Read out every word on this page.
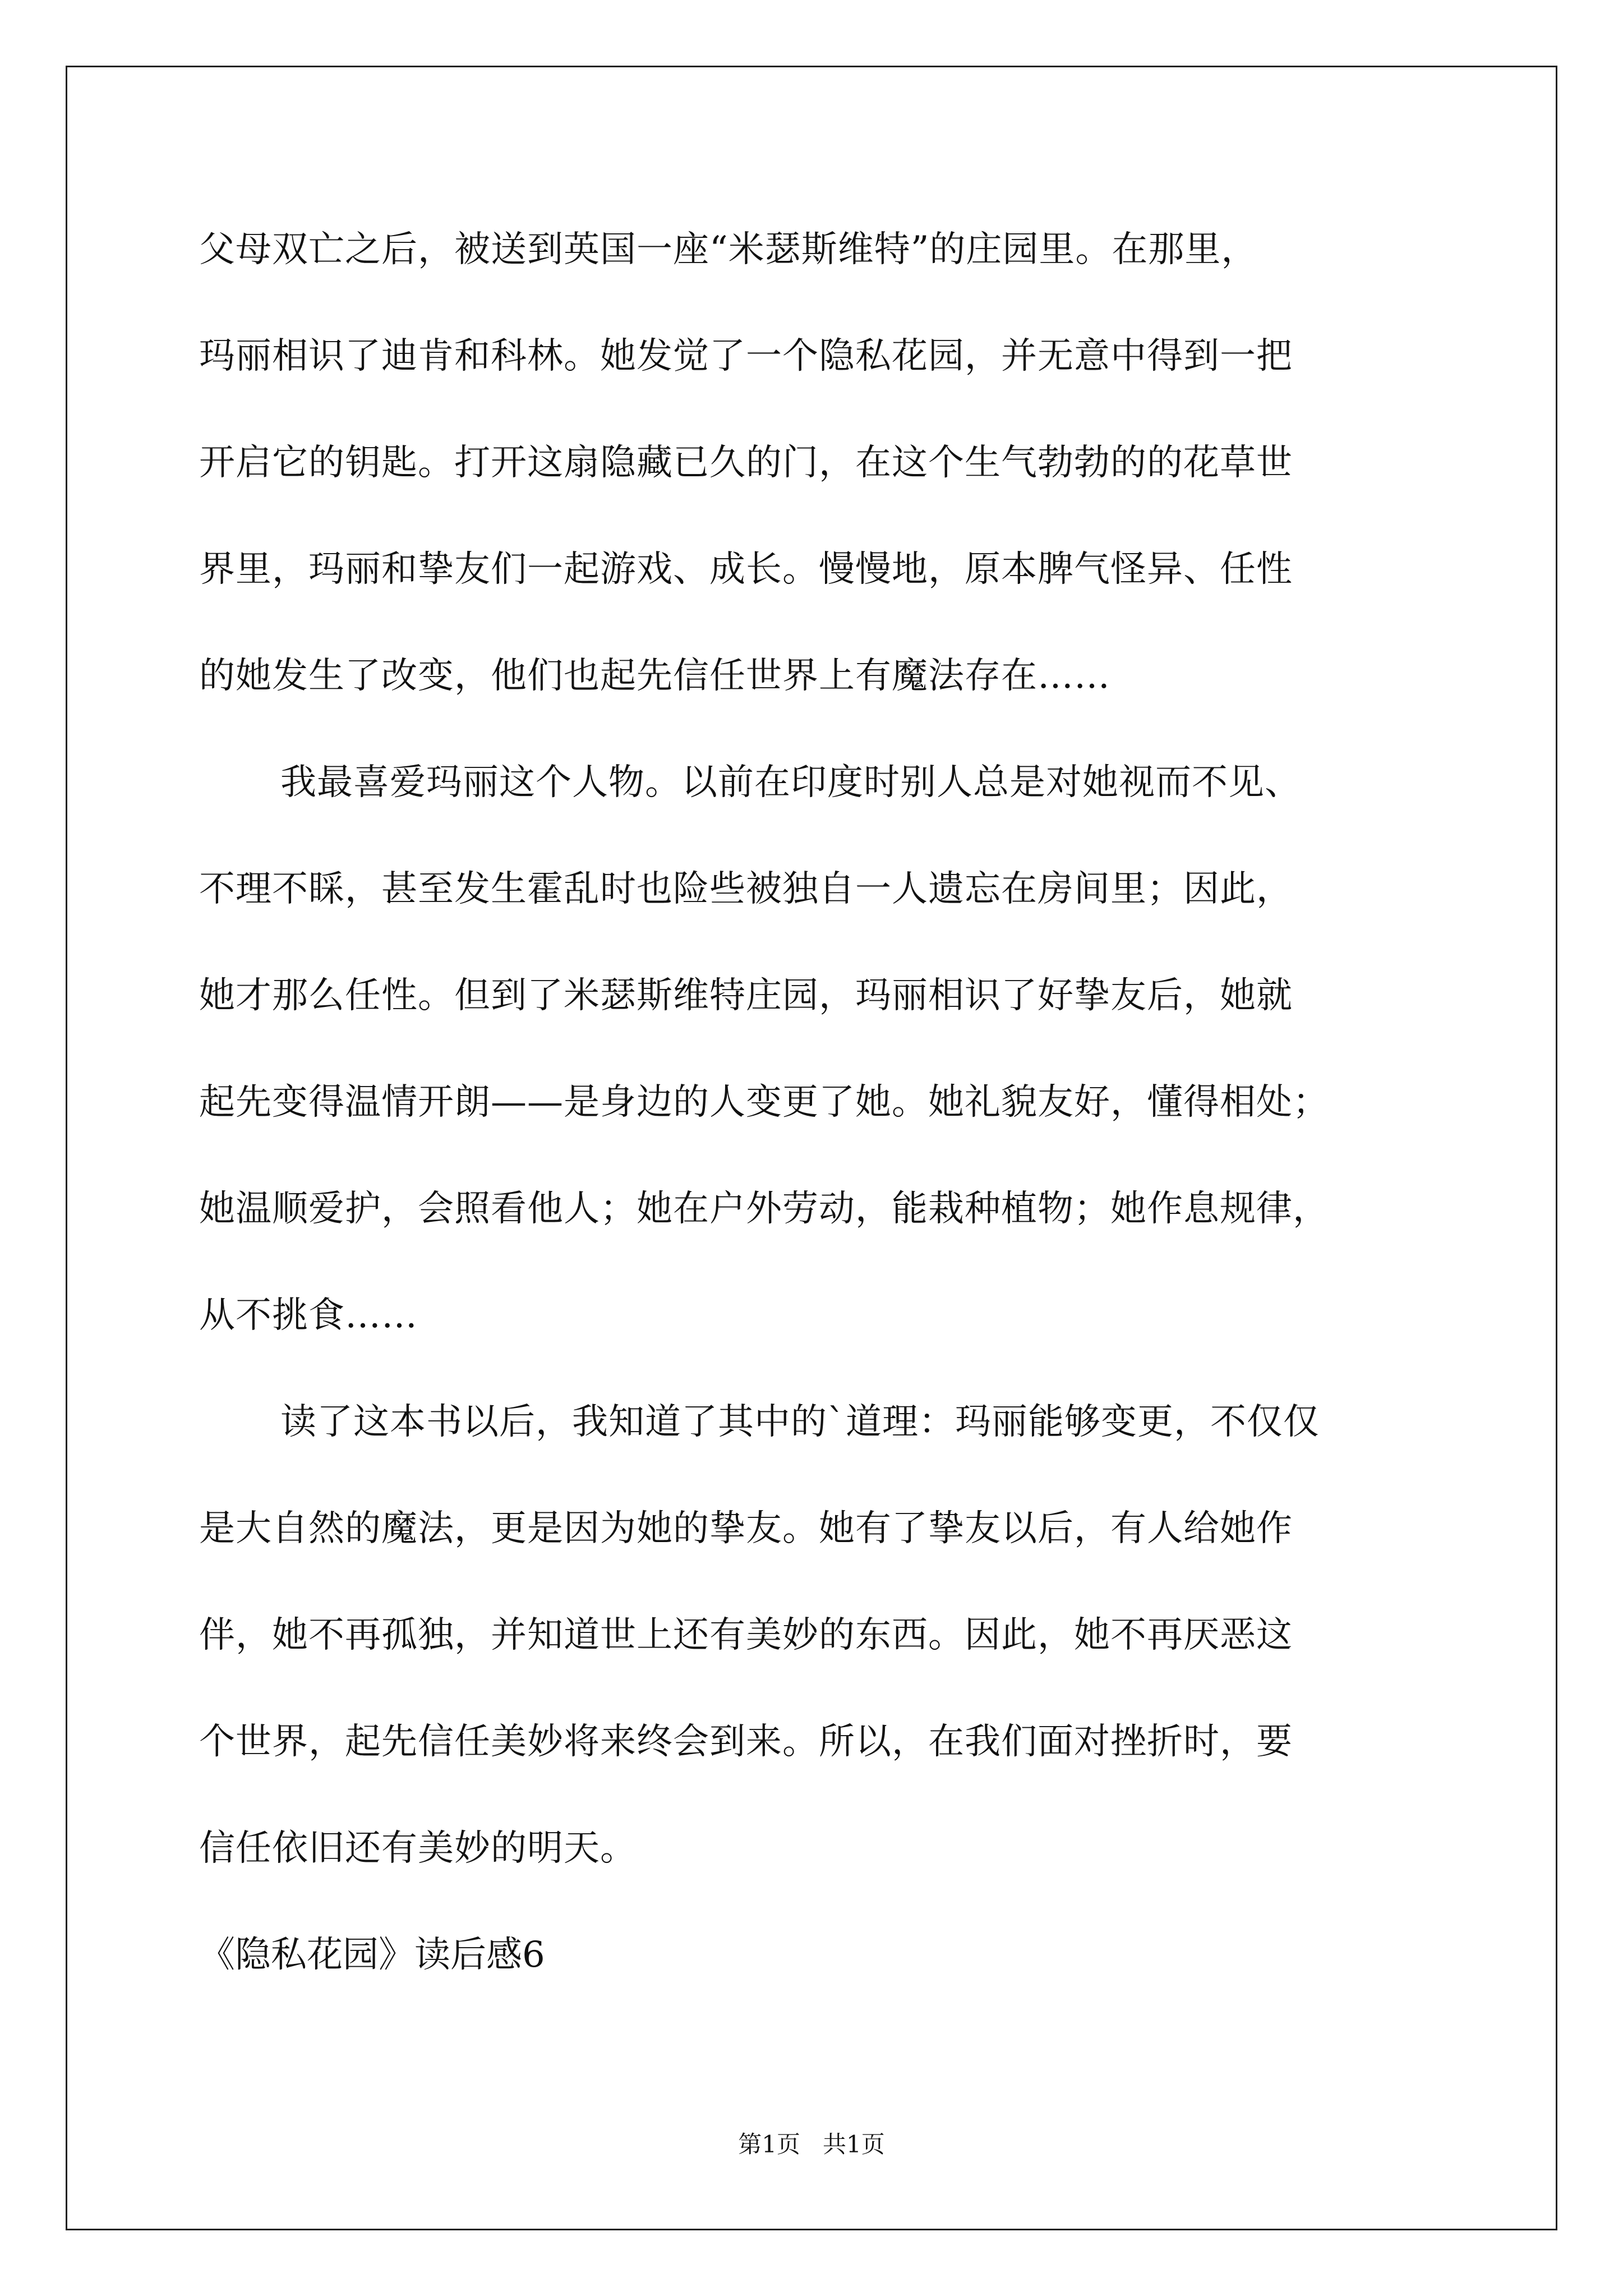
父母双亡之后，被送到英国一座“米瑟斯维特”的庄园里。在那里，
玛丽相识了迪肯和科林。她发觉了一个隐私花园，并无意中得到一把
开启它的钥匙。打开这扇隐藏已久的门，在这个生气勃勃的的花草世
界里，玛丽和挚友们一起游戏、成长。慢慢地，原本脾气怪异、任性
的她发生了改变，他们也起先信任世界上有魔法存在……
我最喜爱玛丽这个人物。以前在印度时别人总是对她视而不见、
不理不睬，甚至发生霍乱时也险些被独自一人遗忘在房间里；因此，
她才那么任性。但到了米瑟斯维特庄园，玛丽相识了好挚友后，她就
起先变得温情开朗——是身边的人变更了她。她礼貌友好，懂得相处；
她温顺爱护，会照看他人；她在户外劳动，能栽种植物；她作息规律，
从不挑食……
读了这本书以后，我知道了其中的`道理：玛丽能够变更，不仅仅
是大自然的魔法，更是因为她的挚友。她有了挚友以后，有人给她作
伴，她不再孤独，并知道世上还有美妙的东西。因此，她不再厌恶这
个世界，起先信任美妙将来终会到来。所以，在我们面对挫折时，要
信任依旧还有美妙的明天。
《隐私花园》读后感6
第1页   共1页
